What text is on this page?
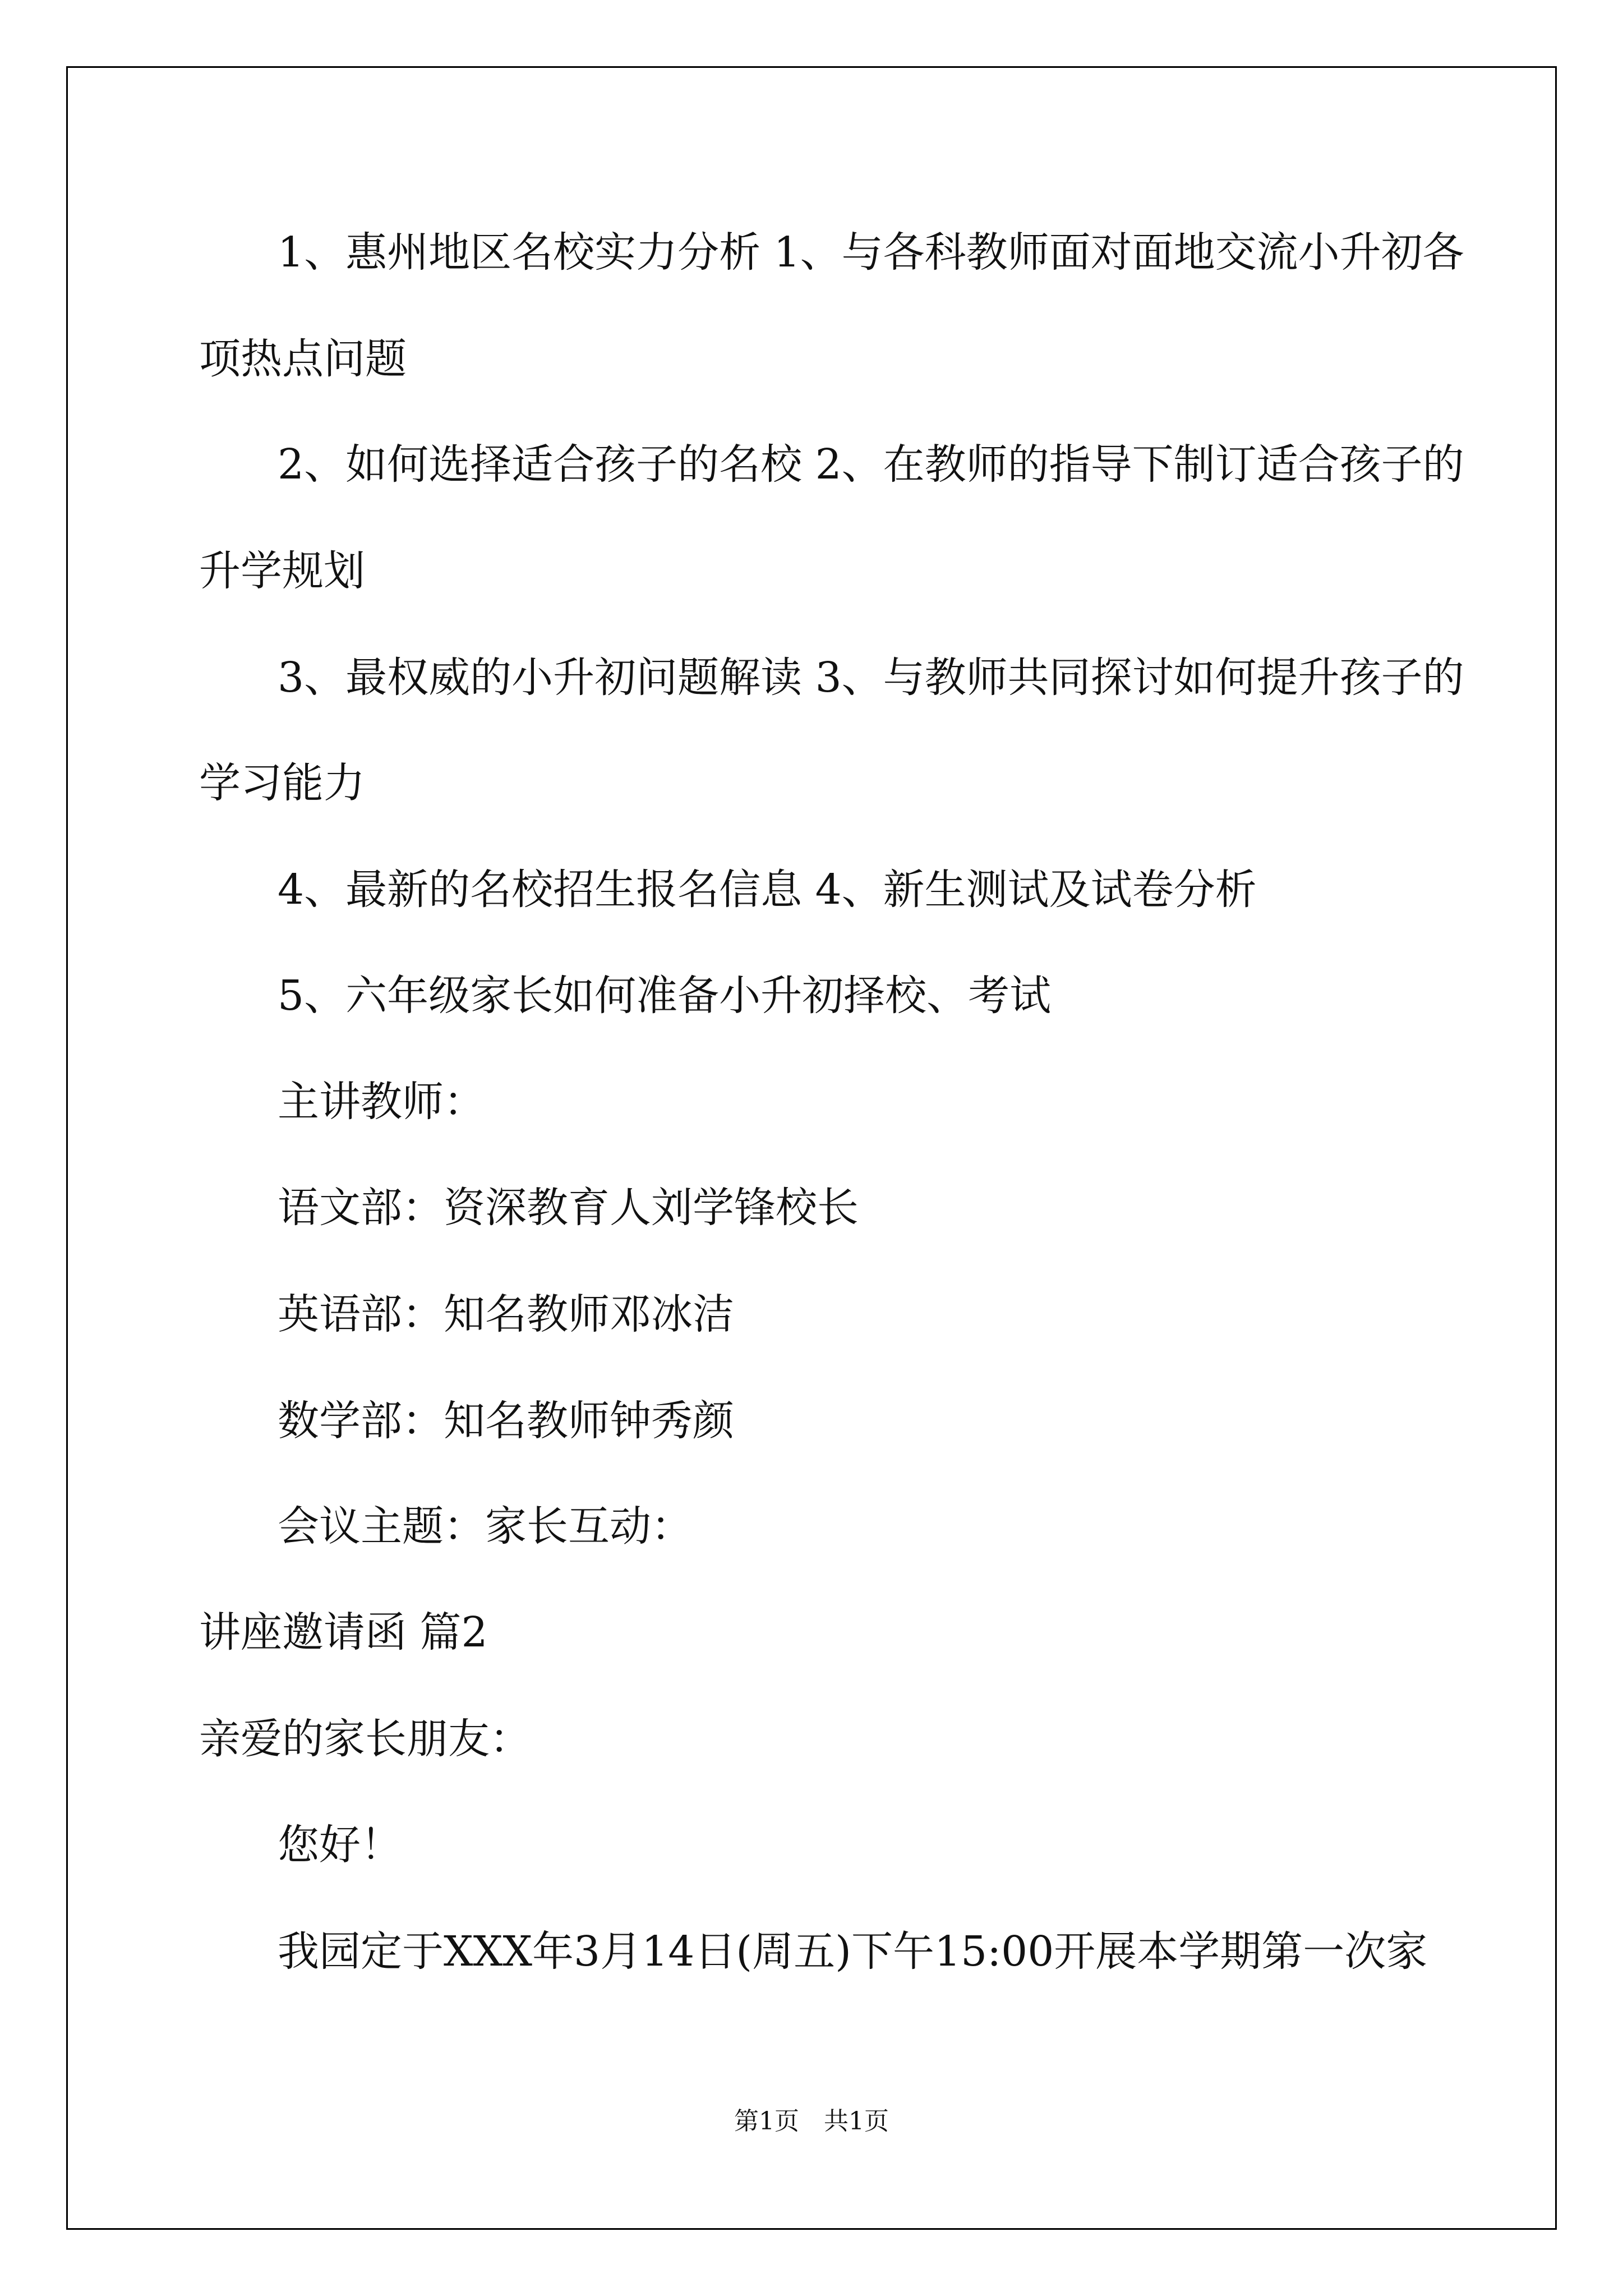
1、惠州地区名校实力分析 1、与各科教师面对面地交流小升初各

项热点问题

2、如何选择适合孩子的名校 2、在教师的指导下制订适合孩子的

升学规划

3、最权威的小升初问题解读 3、与教师共同探讨如何提升孩子的

学习能力

4、最新的名校招生报名信息 4、新生测试及试卷分析

5、六年级家长如何准备小升初择校、考试

主讲教师：

语文部：资深教育人刘学锋校长

英语部：知名教师邓冰洁

数学部：知名教师钟秀颜

会议主题：家长互动：

讲座邀请函 篇2

亲爱的家长朋友：

您好！

我园定于XXX年3月14日(周五)下午15:00开展本学期第一次家

第1页　共1页
